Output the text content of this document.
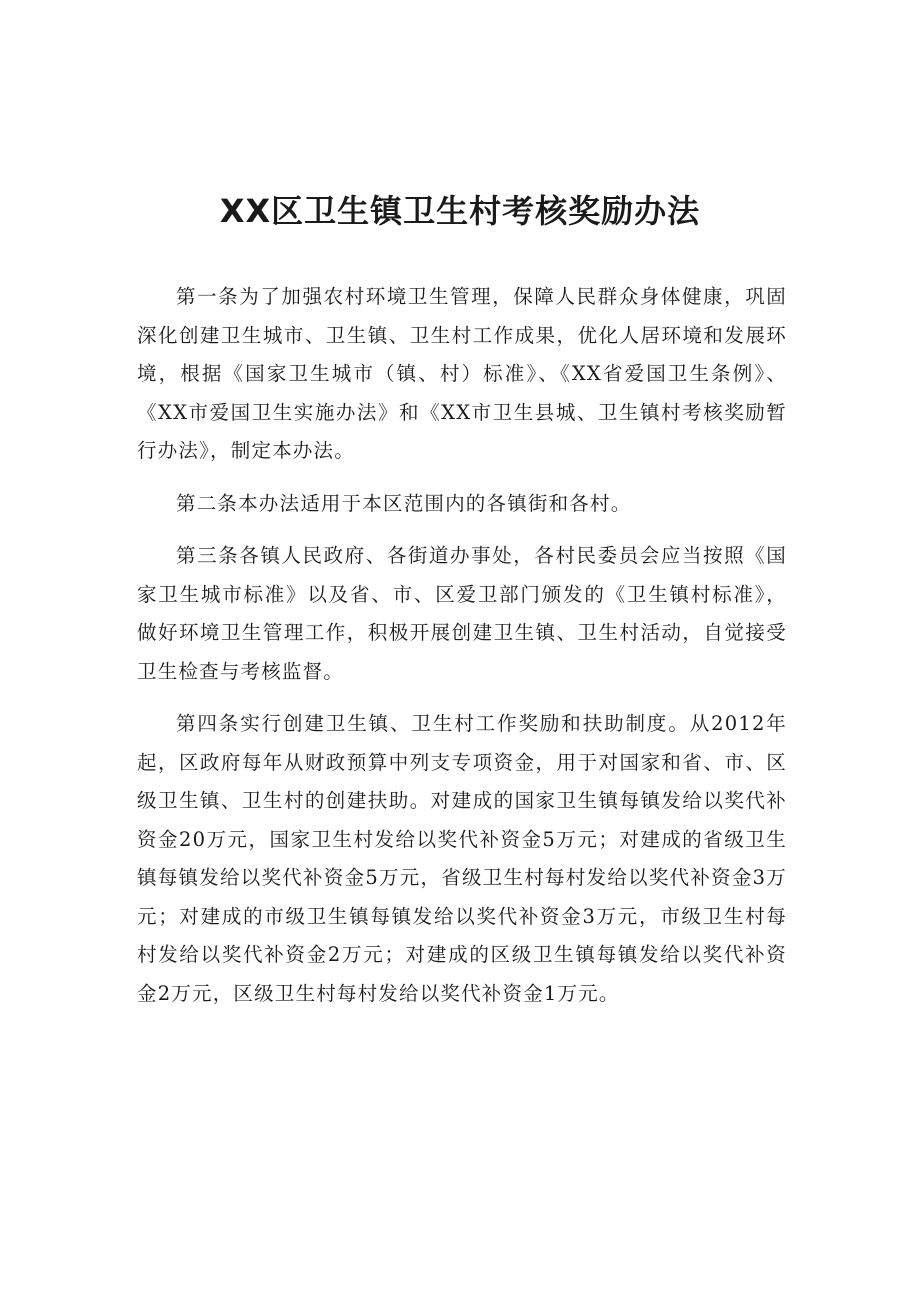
XX区卫生镇卫生村考核奖励办法

第一条为了加强农村环境卫生管理，保障人民群众身体健康，巩固深化创建卫生城市、卫生镇、卫生村工作成果，优化人居环境和发展环境，根据《国家卫生城市（镇、村）标准》、《XX省爱国卫生条例》、《XX市爱国卫生实施办法》和《XX市卫生县城、卫生镇村考核奖励暂行办法》，制定本办法。

第二条本办法适用于本区范围内的各镇街和各村。

第三条各镇人民政府、各街道办事处，各村民委员会应当按照《国家卫生城市标准》以及省、市、区爱卫部门颁发的《卫生镇村标准》，做好环境卫生管理工作，积极开展创建卫生镇、卫生村活动，自觉接受卫生检查与考核监督。

第四条实行创建卫生镇、卫生村工作奖励和扶助制度。从2012年起，区政府每年从财政预算中列支专项资金，用于对国家和省、市、区级卫生镇、卫生村的创建扶助。对建成的国家卫生镇每镇发给以奖代补资金20万元，国家卫生村发给以奖代补资金5万元；对建成的省级卫生镇每镇发给以奖代补资金5万元，省级卫生村每村发给以奖代补资金3万元；对建成的市级卫生镇每镇发给以奖代补资金3万元，市级卫生村每村发给以奖代补资金2万元；对建成的区级卫生镇每镇发给以奖代补资金2万元，区级卫生村每村发给以奖代补资金1万元。
